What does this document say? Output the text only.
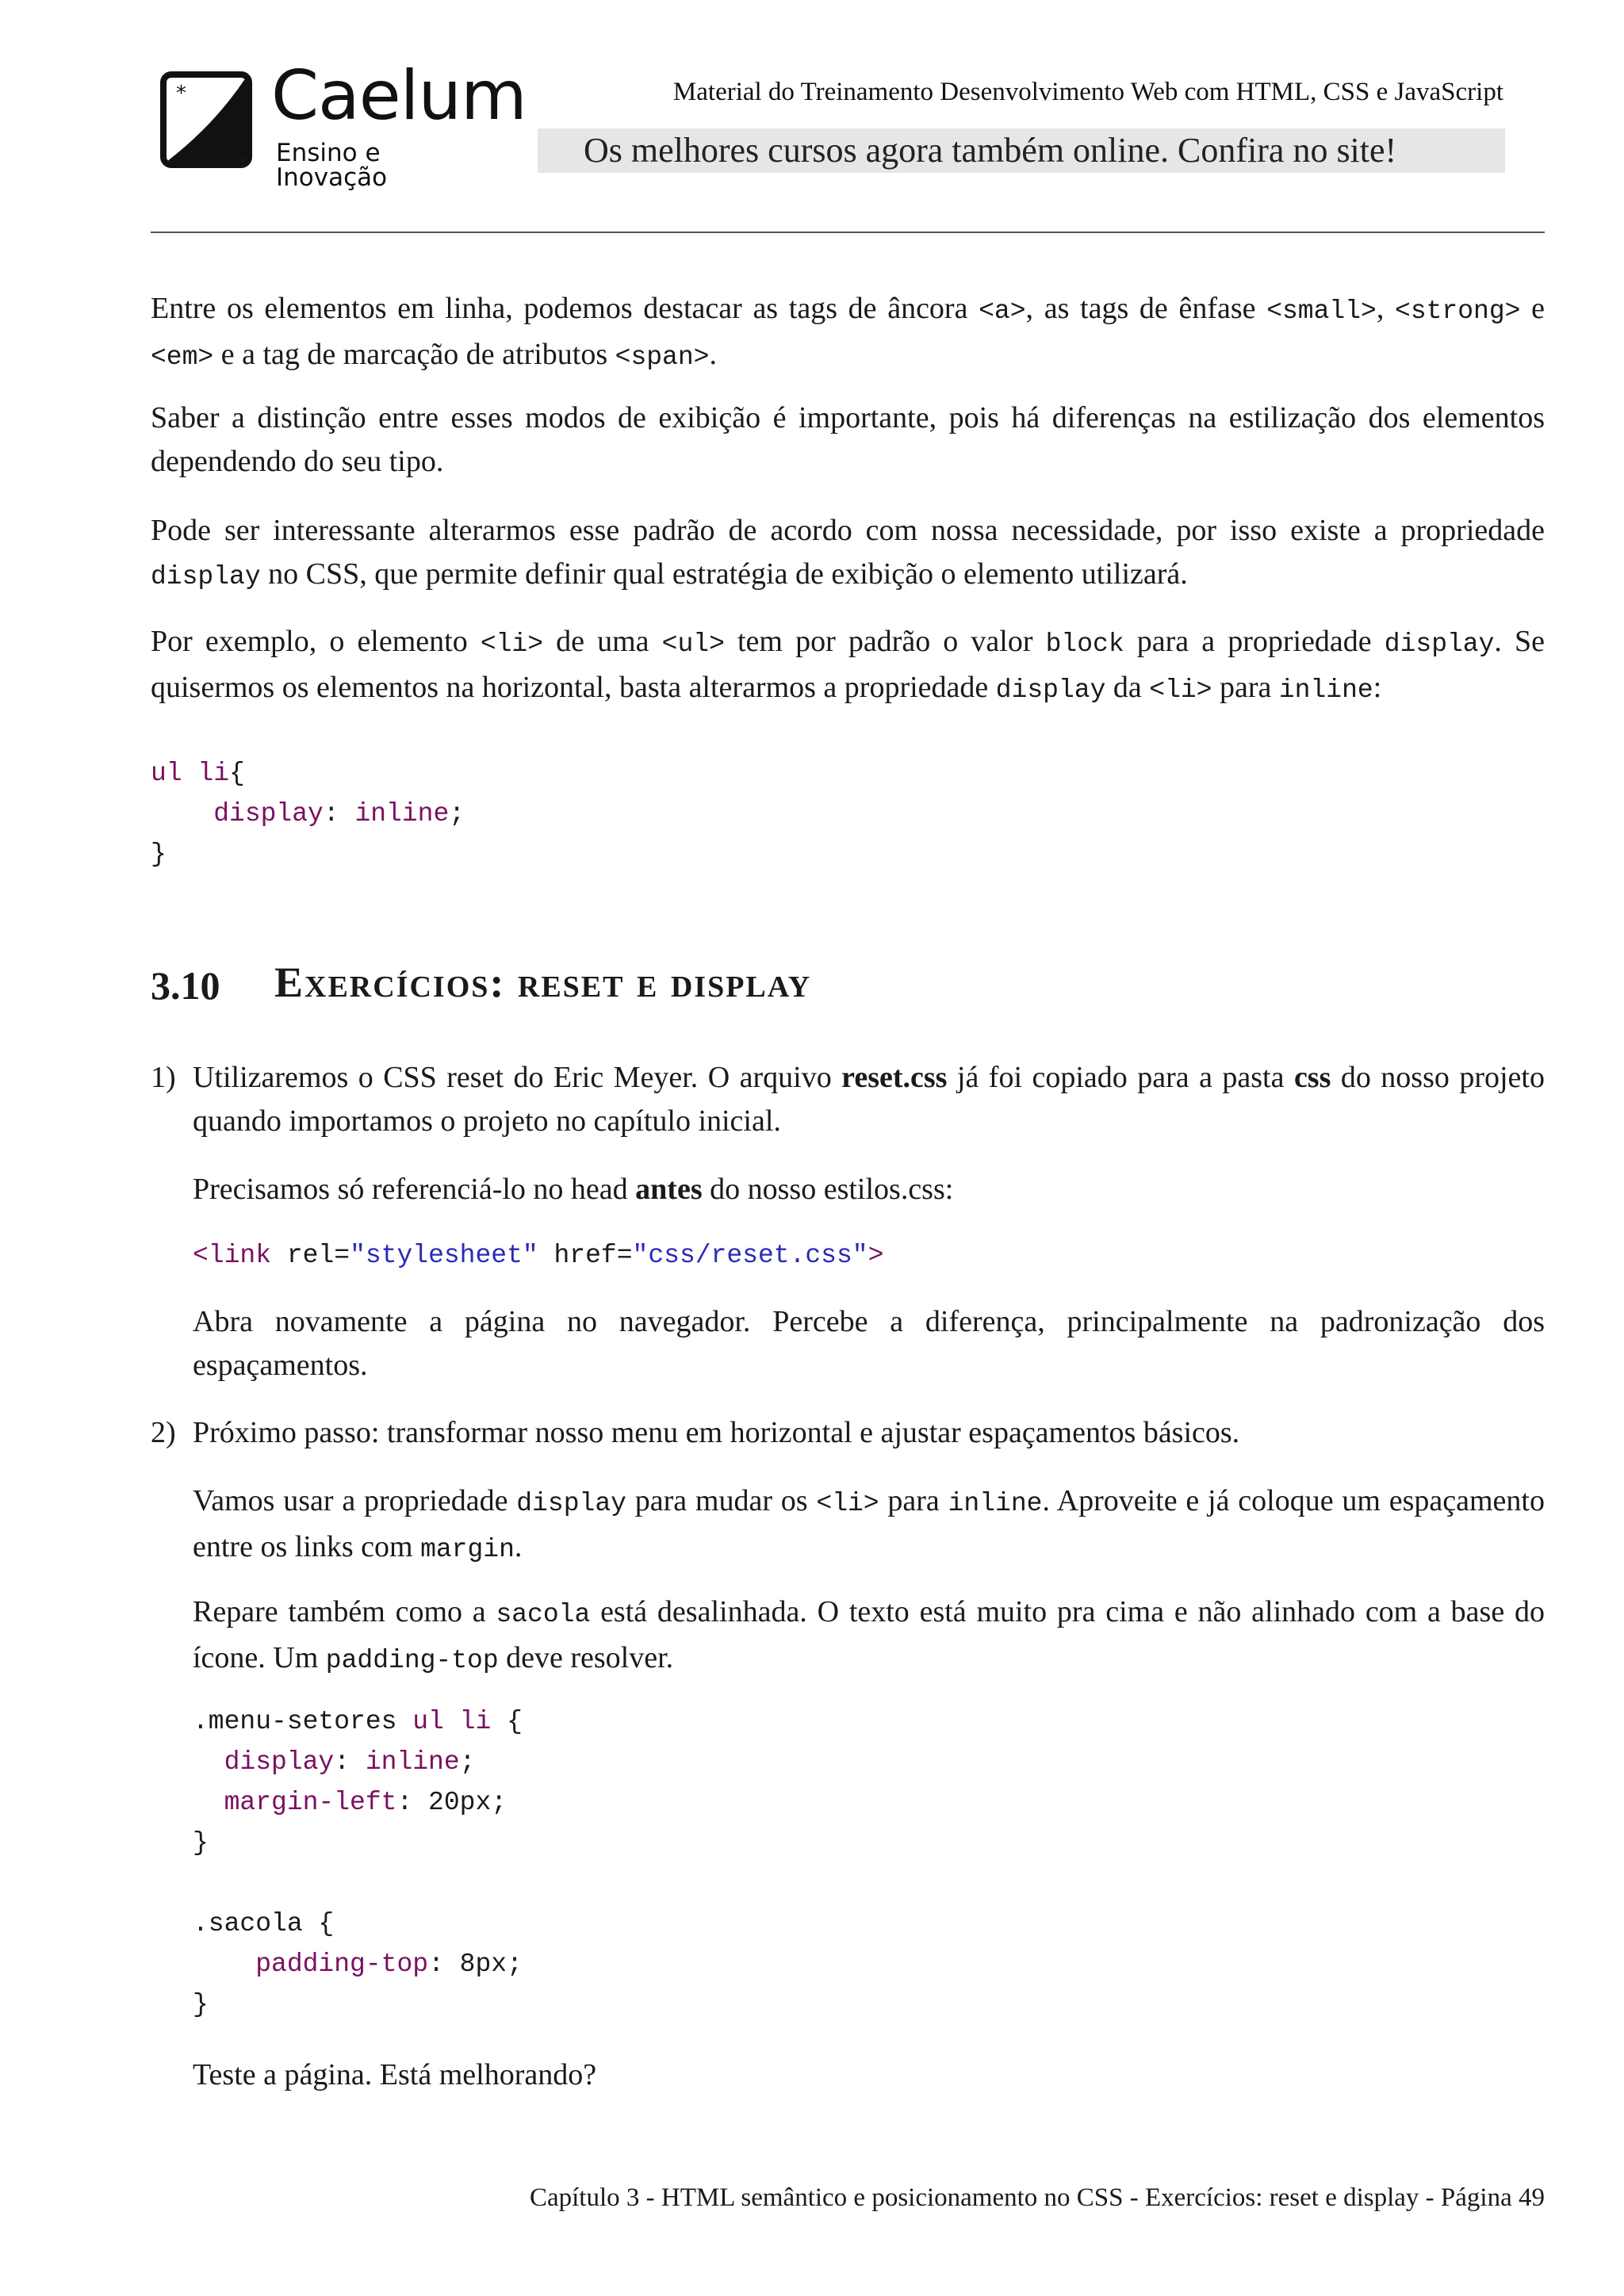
* Caelum
Ensino e Inovação
Material do Treinamento Desenvolvimento Web com HTML, CSS e JavaScript
Os melhores cursos agora também online. Confira no site!
Entre os elementos em linha, podemos destacar as tags de âncora <a>, as tags de ênfase <small>, <strong> e <em> e a tag de marcação de atributos <span>.
Saber a distinção entre esses modos de exibição é importante, pois há diferenças na estilização dos elementos dependendo do seu tipo.
Pode ser interessante alterarmos esse padrão de acordo com nossa necessidade, por isso existe a propriedade display no CSS, que permite definir qual estratégia de exibição o elemento utilizará.
Por exemplo, o elemento <li> de uma <ul> tem por padrão o valor block para a propriedade display. Se quisermos os elementos na horizontal, basta alterarmos a propriedade display da <li> para inline:
ul li{
display: inline;
}
3.10 Exercícios: reset e display
1) Utilizaremos o CSS reset do Eric Meyer. O arquivo reset.css já foi copiado para a pasta css do nosso projeto quando importamos o projeto no capítulo inicial.
Precisamos só referenciá-lo no head antes do nosso estilos.css:
<link rel="stylesheet" href="css/reset.css">
Abra novamente a página no navegador. Percebe a diferença, principalmente na padronização dos espaçamentos.
2) Próximo passo: transformar nosso menu em horizontal e ajustar espaçamentos básicos.
Vamos usar a propriedade display para mudar os <li> para inline. Aproveite e já coloque um espaçamento entre os links com margin.
Repare também como a sacola está desalinhada. O texto está muito pra cima e não alinhado com a base do ícone. Um padding-top deve resolver.
.menu-setores ul li {
display: inline;
margin-left: 20px;
}

.sacola {
padding-top: 8px;
}
Teste a página. Está melhorando?
Capítulo 3 - HTML semântico e posicionamento no CSS - Exercícios: reset e display - Página 49
